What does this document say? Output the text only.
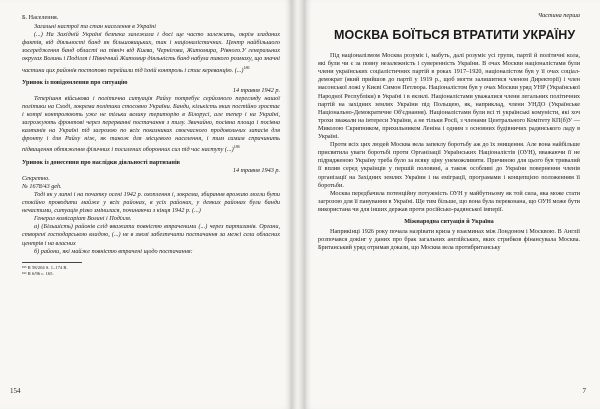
Б. Населення.

Загальні настрої та стан населення в Україні

(...) На Західній Україні безпека залежала і досі ще часто залежить, окрім згаданих фактів, від діяльності банд як більшовицьких, так і націоналістичних. Центр найбільшого зосередження банд області на північ від Києва, Чернігова, Житомира, Рівного.У генеральних округах Волинь і Поділля і Північний Житомир діяльність банд набула такого розмаху, що значні частини цих районів постопово перейшли під їхній контроль і стає кереванцію. (...)$^{186}$

Уривок із повідомлення про ситуацію

14 травня 1942 р.

Теперішня військова і політична ситуація Райху потребує серйозного перегляду нашої політики на Сході, зокрема політики стосовно України. Банди, кількість яких постійно зростає і котрі контролюють уже не тільки велику територію в Білорусі, але тепер і на Україні, загрожують фронтові через перерванні постачання з тилу. Звичайно, посівна площа і посівна кампанія на Україні під загрозою по всіх показниках своєчасного продовольчих запасів для фронту і для Райху ніж, як також для місцевого населення, і тим самим спричинить підвищення обтяження фізичних і посилених оборонних сил під час наступу (...)$^{186}$

Уривок із донесення про наслідки діяльності партизанів

14 травня 1943 р.

Секретно.

№ 1678/43 geh.

Тоді як у липні і на початку осені 1942 р. охоплення і, зокрема, збирання врожаю могли бути спокійно проводити майже у всіх районах, в усіх районах, у деяких районах були банди нечастими, ситуація різко змінилася, починаючи з кінця 1942 р. (...)

Генерал комісаріат Волині і Поділля.

а) (Більшість) районів слід вважати повністю втраченими (...) через партизанів. Органи, створені господарською владою, (...) не в змозі забезпечити постачання за межі сели обласних центрів і на власних

б) райони, які майже повністю втрачені щодо постачання:

¹⁸⁵ R 58/204 S. 1–174 R.

¹⁸⁶ R 6/96 с. 165.

154

Частина перша

МОСКВА БОЇТЬСЯ ВТРАТИТИ УКРАЇНУ

Під націоналізмом Москва розуміє і, мабуть, далі розуміє усі групи, партії й політичні кола, які були чи є за повну незалежність і суверенність України. В очах Москви націоналістами були члени українських соціалістичних партій в роках 1917–1920, націоналістом був у її очах соціал-демократ (який прийшов до партії у 1919 р., щоб могти залишитися членом Директорії) і член масонської ложі у Києві Симон Петлюра. Націоналістом був у очах Москви уряд УНР (Української Народної Республіки) в Україні і в екзилі. Націоналістами уважалися члени легальних політичних партій на західних землях України під Польщею, як, наприклад, члени УНДО (Українське Національно-Демократичне Об'єднання). Націоналістами були всі ті українські комуністи, які хоч трохи зважали на інтереси України, а не тільки Росії, з членами Центрального Комітету КП(б)У — Миколою Скрипником, прихильником Леніна і одним з основних будівничих радянського ладу в Україні.

Проти всіх цих людей Москва вела запеклу боротьбу аж до їх знищення. Але вона найбільше присвятила уваги боротьбі проти Організації Українських Націоналістів (ОУН), вважаючи її не підрядженою Україну треба було за всяку ціну унеможливити. Причиною для цього був тривалий її вплив серед українців у першій половині, а також особливі до України повернення членів організації на Західних землях України і на еміграції, програмами і концепцією положенням її боротьби.

Москва передбачила потенційну потужність ОУН у майбутньому як той сила, яка може стати загрозою для її панування в Україні. Ще тим більше, що вона була переконана, що ОУН може бути використана чи для інших держав проти російсько-радянської імперії.

Міжнародна ситуація й Україна

Наприкінці 1926 року почала назрівати криза у взаєминах між Лондоном і Москвою. В Англії розпочався докінг у даних про брак загальних англійських, яких стрибков фінансувала Москва. Британський уряд отримав докази, що Москва вела протибританську

7
